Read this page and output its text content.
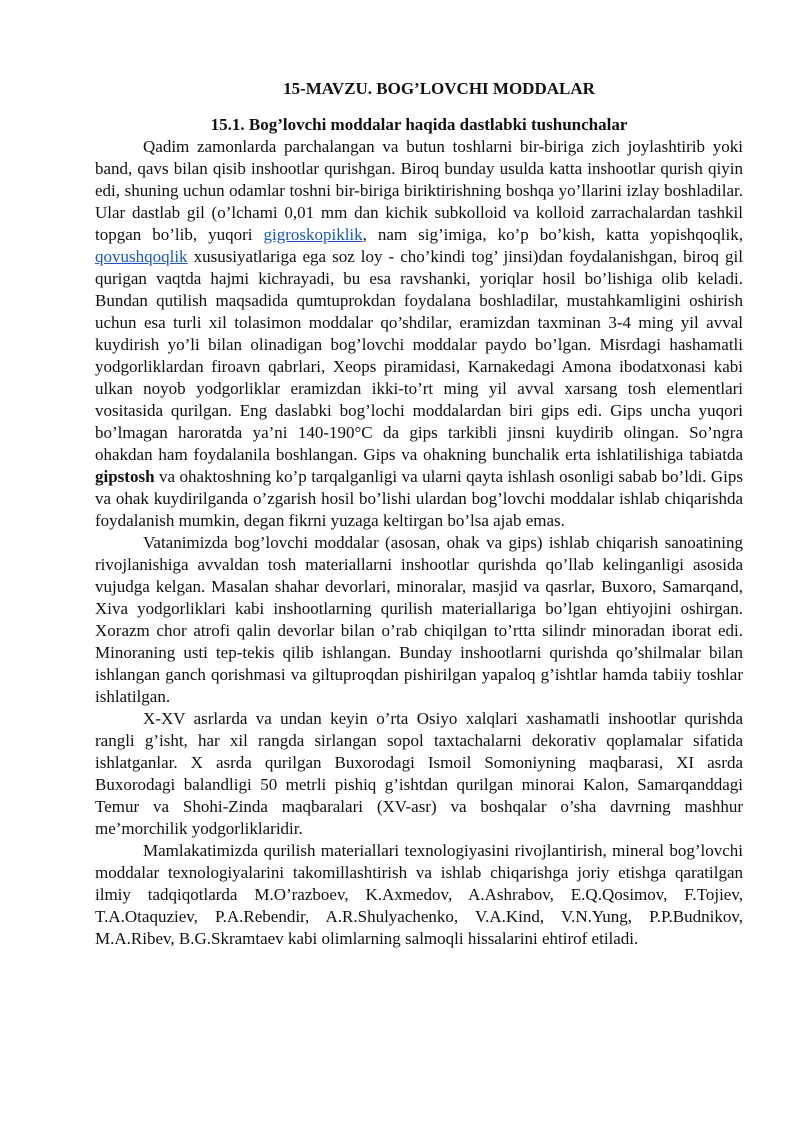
15-MAVZU. BOG’LOVCHI MODDALAR
15.1. Bog’lovchi moddalar haqida dastlabki tushunchalar

Qadim zamonlarda parchalangan va butun toshlarni bir-biriga zich joylashtirib yoki band, qavs bilan qisib inshootlar qurishgan. Biroq bunday usulda katta inshootlar qurish qiyin edi, shuning uchun odamlar toshni bir-biriga biriktirishning boshqa yo’llarini izlay boshladilar. Ular dastlab gil (o’lchami 0,01 mm dan kichik subkolloid va kolloid zarrachalardan tashkil topgan bo’lib, yuqori gigroskopiklik, nam sig’imiga, ko’p bo’kish, katta yopishqoqlik, qovushqoqlik xususiyatlariga ega soz loy - cho’kindi tog’ jinsi)dan foydalanishgan, biroq gil qurigan vaqtda hajmi kichrayadi, bu esa ravshanki, yoriqlar hosil bo’lishiga olib keladi. Bundan qutilish maqsadida qumtuprokdan foydalana boshladilar, mustahkamligini oshirish uchun esa turli xil tolasimon moddalar qo’shdilar, eramizdan taxminan 3-4 ming yil avval kuydirish yo’li bilan olinadigan bog’lovchi moddalar paydo bo’lgan. Misrdagi hashamatli yodgorliklardan firoavn qabrlari, Xeops piramidasi, Karnakedagi Amona ibodatxonasi kabi ulkan noyob yodgorliklar eramizdan ikki-to’rt ming yil avval xarsang tosh elementlari vositasida qurilgan. Eng daslabki bog’lochi moddalardan biri gips edi. Gips uncha yuqori bo’lmagan haroratda ya’ni 140-190°C da gips tarkibli jinsni kuydirib olingan. So’ngra ohakdan ham foydalanila boshlangan. Gips va ohakning bunchalik erta ishlatilishiga tabiatda gipstosh va ohaktoshning ko’p tarqalganligi va ularni qayta ishlash osonligi sabab bo’ldi. Gips va ohak kuydirilganda o’zgarish hosil bo’lishi ulardan bog’lovchi moddalar ishlab chiqarishda foydalanish mumkin, degan fikrni yuzaga keltirgan bo’lsa ajab emas.

Vatanimizda bog’lovchi moddalar (asosan, ohak va gips) ishlab chiqarish sanoatining rivojlanishiga avvaldan tosh materiallarni inshootlar qurishda qo’llab kelinganligi asosida vujudga kelgan. Masalan shahar devorlari, minoralar, masjid va qasrlar, Buxoro, Samarqand, Xiva yodgorliklari kabi inshootlarning qurilish materiallariga bo’lgan ehtiyojini oshirgan. Xorazm chor atrofi qalin devorlar bilan o’rab chiqilgan to’rtta silindr minoradan iborat edi. Minoraning usti tep-tekis qilib ishlangan. Bunday inshootlarni qurishda qo’shilmalar bilan ishlangan ganch qorishmasi va giltuproqdan pishirilgan yapaloq g’ishtlar hamda tabiiy toshlar ishlatilgan.

X-XV asrlarda va undan keyin o’rta Osiyo xalqlari xashamatli inshootlar qurishda rangli g’isht, har xil rangda sirlangan sopol taxtachalarni dekorativ qoplamalar sifatida ishlatganlar. X asrda qurilgan Buxorodagi Ismoil Somoniyning maqbarasi, XI asrda Buxorodagi balandligi 50 metrli pishiq g’ishtdan qurilgan minorai Kalon, Samarqanddagi Temur va Shohi-Zinda maqbaralari (XV-asr) va boshqalar o’sha davrning mashhur me’morchilik yodgorliklaridir.

Mamlakatimizda qurilish materiallari texnologiyasini rivojlantirish, mineral bog’lovchi moddalar texnologiyalarini takomillashtirish va ishlab chiqarishga joriy etishga qaratilgan ilmiy tadqiqotlarda M.O’razboev, K.Axmedov, A.Ashrabov, E.Q.Qosimov, F.Tojiev, T.A.Otaquziev, P.A.Rebendir, A.R.Shulyachenko, V.A.Kind, V.N.Yung, P.P.Budnikov, M.A.Ribev, B.G.Skramtaev kabi olimlarning salmoqli hissalarini ehtirof etiladi.
